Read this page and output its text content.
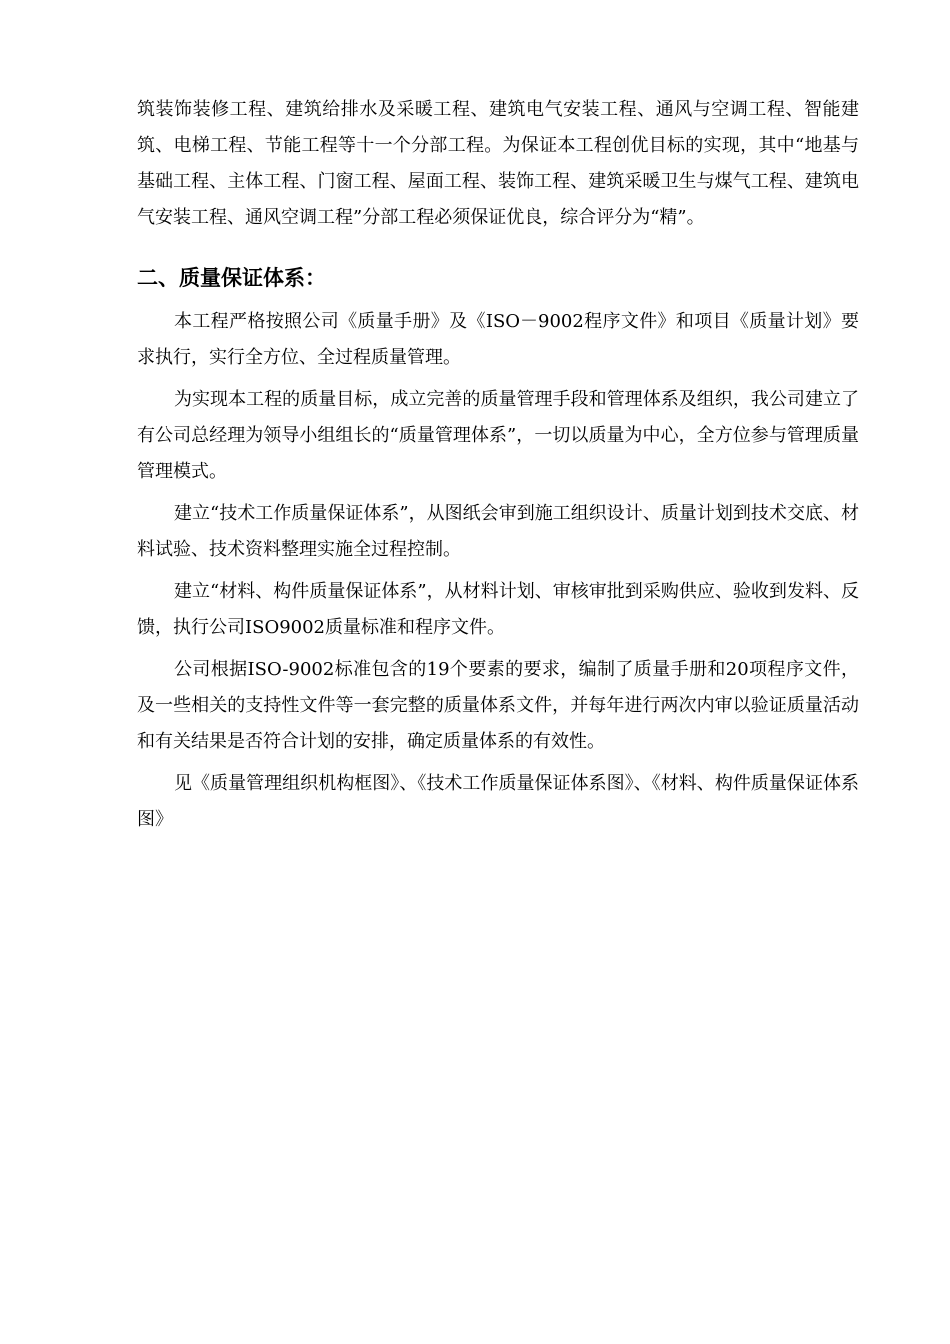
筑装饰装修工程、建筑给排水及采暖工程、建筑电气安装工程、通风与空调工程、智能建筑、电梯工程、节能工程等十一个分部工程。为保证本工程创优目标的实现，其中“地基与基础工程、主体工程、门窗工程、屋面工程、装饰工程、建筑采暖卫生与煤气工程、建筑电气安装工程、通风空调工程”分部工程必须保证优良，综合评分为“精”。

二、质量保证体系：

本工程严格按照公司《质量手册》及《ISO－9002程序文件》和项目《质量计划》要求执行，实行全方位、全过程质量管理。

为实现本工程的质量目标，成立完善的质量管理手段和管理体系及组织，我公司建立了有公司总经理为领导小组组长的“质量管理体系”，一切以质量为中心，全方位参与管理质量管理模式。

建立“技术工作质量保证体系”，从图纸会审到施工组织设计、质量计划到技术交底、材料试验、技术资料整理实施全过程控制。

建立“材料、构件质量保证体系”，从材料计划、审核审批到采购供应、验收到发料、反馈，执行公司ISO9002质量标准和程序文件。

公司根据ISO-9002标准包含的19个要素的要求，编制了质量手册和20项程序文件，及一些相关的支持性文件等一套完整的质量体系文件，并每年进行两次内审以验证质量活动和有关结果是否符合计划的安排，确定质量体系的有效性。

见《质量管理组织机构框图》、《技术工作质量保证体系图》、《材料、构件质量保证体系图》
